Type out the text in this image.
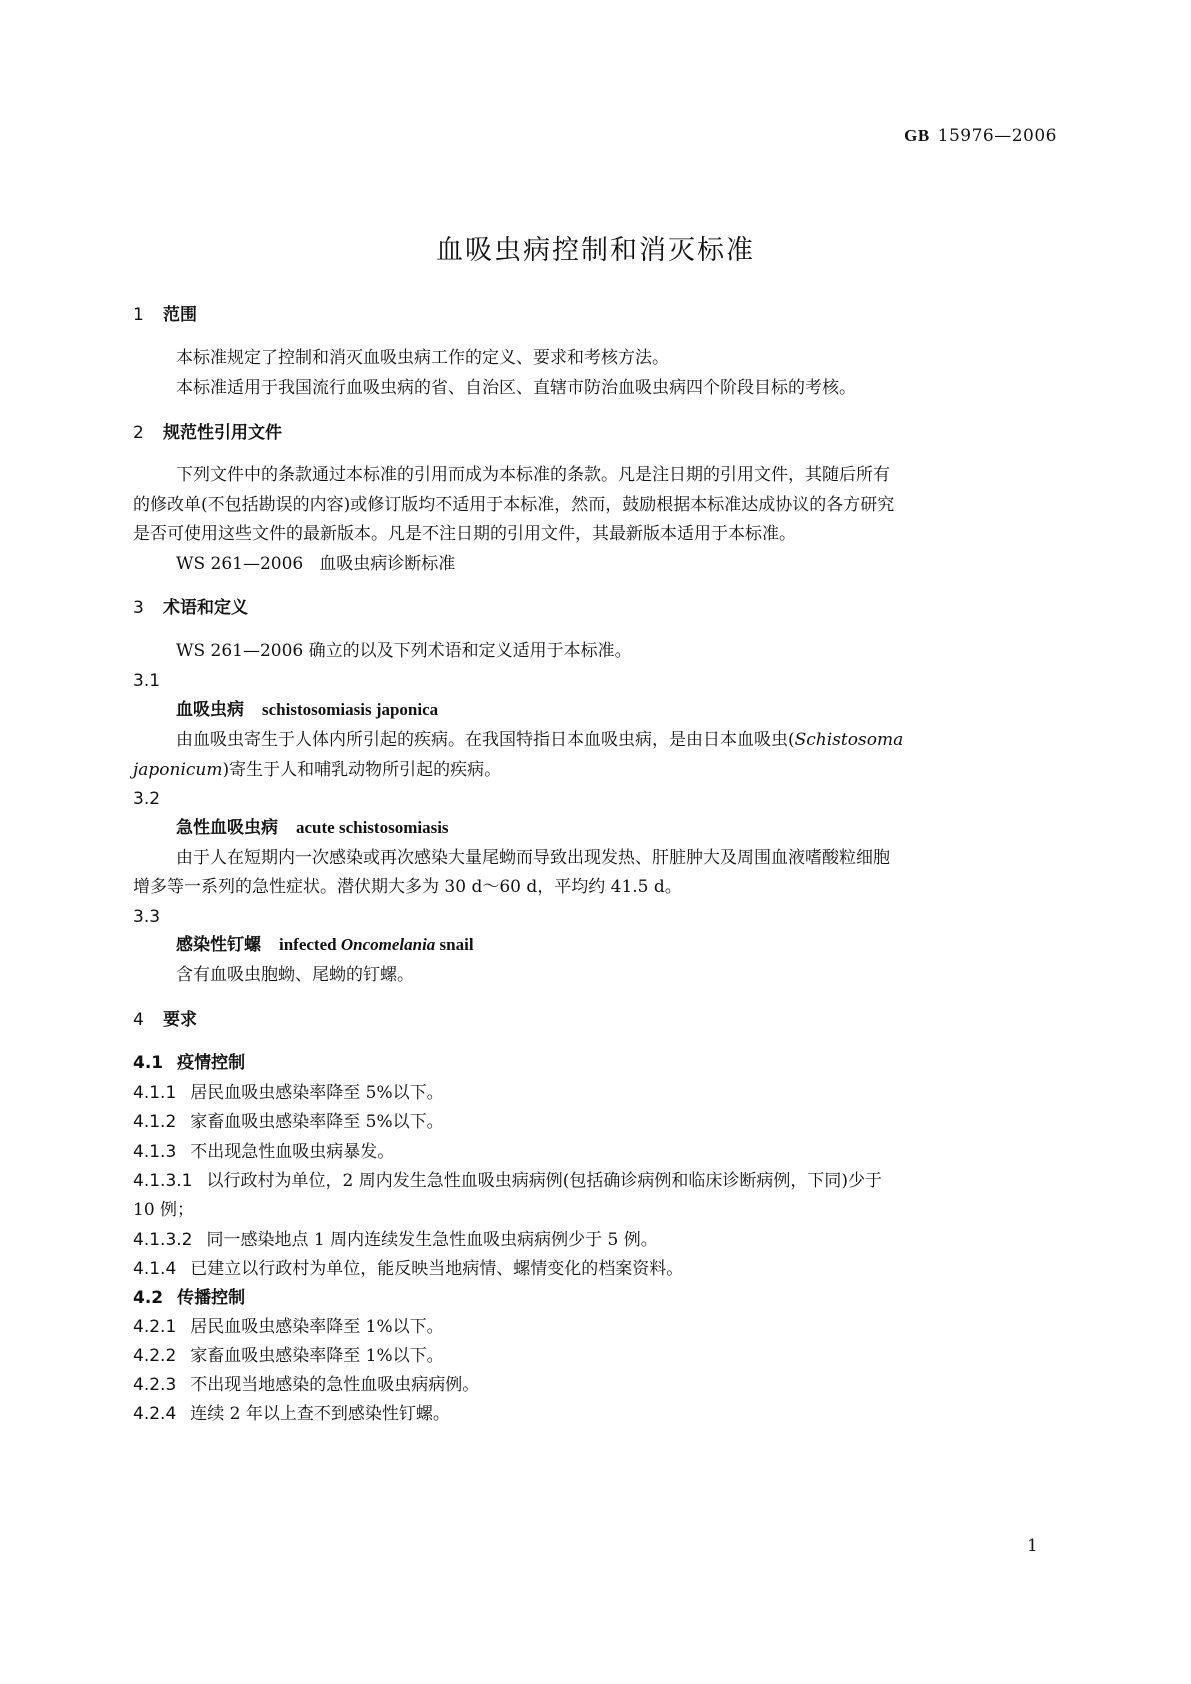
GB 15976—2006
血吸虫病控制和消灭标准
1 范围
本标准规定了控制和消灭血吸虫病工作的定义、要求和考核方法。
本标准适用于我国流行血吸虫病的省、自治区、直辖市防治血吸虫病四个阶段目标的考核。
2 规范性引用文件
下列文件中的条款通过本标准的引用而成为本标准的条款。凡是注日期的引用文件，其随后所有
的修改单(不包括勘误的内容)或修订版均不适用于本标准，然而，鼓励根据本标准达成协议的各方研究
是否可使用这些文件的最新版本。凡是不注日期的引用文件，其最新版本适用于本标准。
WS 261—2006 血吸虫病诊断标准
3 术语和定义
WS 261—2006 确立的以及下列术语和定义适用于本标准。
3.1
血吸虫病 schistosomiasis japonica
由血吸虫寄生于人体内所引起的疾病。在我国特指日本血吸虫病，是由日本血吸虫(Schistosoma
japonicum)寄生于人和哺乳动物所引起的疾病。
3.2
急性血吸虫病 acute schistosomiasis
由于人在短期内一次感染或再次感染大量尾蚴而导致出现发热、肝脏肿大及周围血液嗜酸粒细胞
增多等一系列的急性症状。潜伏期大多为 30 d～60 d，平均约 41.5 d。
3.3
感染性钉螺 infected Oncomelania snail
含有血吸虫胞蚴、尾蚴的钉螺。
4 要求
4.1 疫情控制
4.1.1 居民血吸虫感染率降至 5%以下。
4.1.2 家畜血吸虫感染率降至 5%以下。
4.1.3 不出现急性血吸虫病暴发。
4.1.3.1 以行政村为单位，2 周内发生急性血吸虫病病例(包括确诊病例和临床诊断病例，下同)少于
10 例；
4.1.3.2 同一感染地点 1 周内连续发生急性血吸虫病病例少于 5 例。
4.1.4 已建立以行政村为单位，能反映当地病情、螺情变化的档案资料。
4.2 传播控制
4.2.1 居民血吸虫感染率降至 1%以下。
4.2.2 家畜血吸虫感染率降至 1%以下。
4.2.3 不出现当地感染的急性血吸虫病病例。
4.2.4 连续 2 年以上查不到感染性钉螺。
1
